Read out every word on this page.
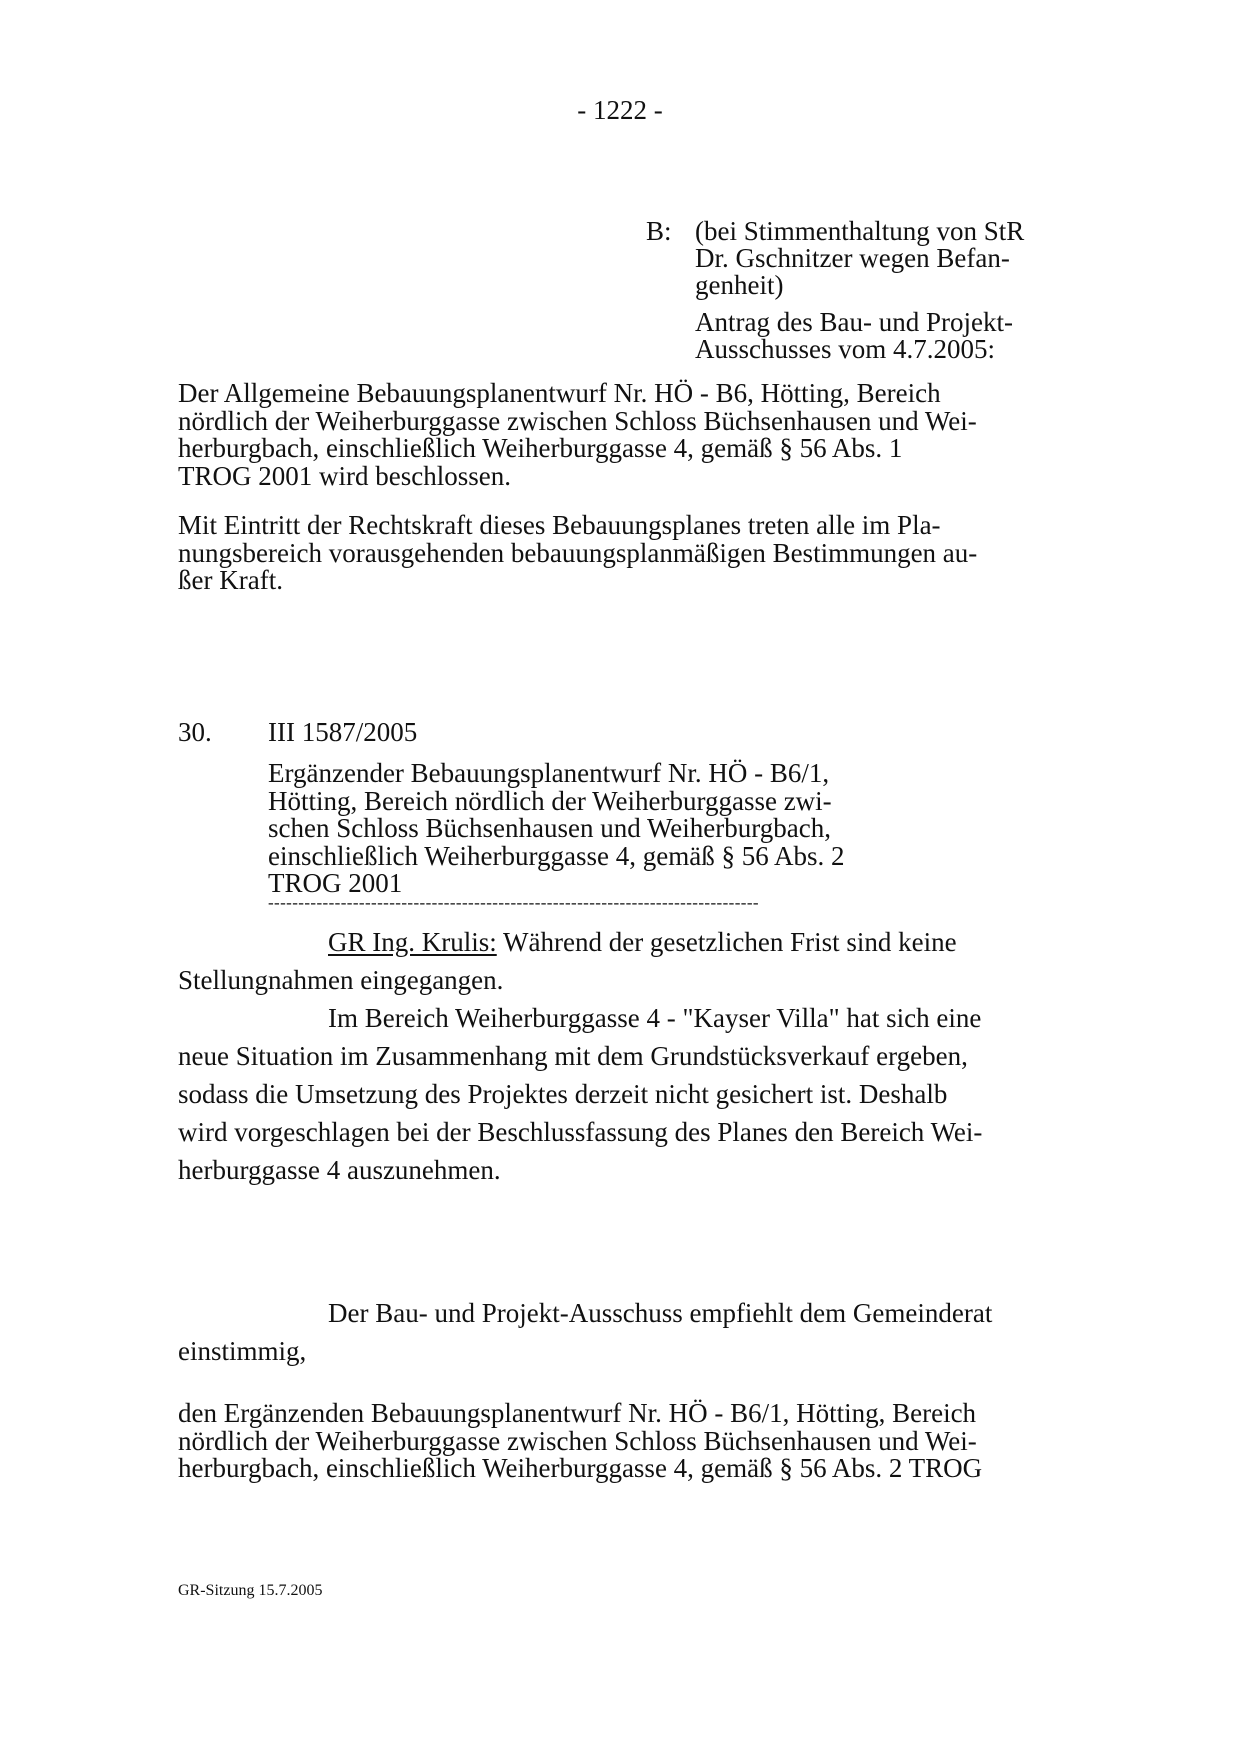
- 1222 -
B: (bei Stimmenthaltung von StR
Dr. Gschnitzer wegen Befan-
genheit)

Antrag des Bau- und Projekt-
Ausschusses vom 4.7.2005:

Der Allgemeine Bebauungsplanentwurf Nr. HÖ - B6, Hötting, Bereich
nördlich der Weiherburggasse zwischen Schloss Büchsenhausen und Wei-
herburgbach, einschließlich Weiherburggasse 4, gemäß § 56 Abs. 1
TROG 2001 wird beschlossen.

Mit Eintritt der Rechtskraft dieses Bebauungsplanes treten alle im Pla-
nungsbereich vorausgehenden bebauungsplanmäßigen Bestimmungen au-
ßer Kraft.

30. III 1587/2005

Ergänzender Bebauungsplanentwurf Nr. HÖ - B6/1,
Hötting, Bereich nördlich der Weiherburggasse zwi-
schen Schloss Büchsenhausen und Weiherburgbach,
einschließlich Weiherburggasse 4, gemäß § 56 Abs. 2
TROG 2001

---------------------------------------------------------------------------------

GR Ing. Krulis: Während der gesetzlichen Frist sind keine

Stellungnahmen eingegangen.

Im Bereich Weiherburggasse 4 - "Kayser Villa" hat sich eine

neue Situation im Zusammenhang mit dem Grundstücksverkauf ergeben,

sodass die Umsetzung des Projektes derzeit nicht gesichert ist. Deshalb

wird vorgeschlagen bei der Beschlussfassung des Planes den Bereich Wei-

herburggasse 4 auszunehmen.

Der Bau- und Projekt-Ausschuss empfiehlt dem Gemeinderat

einstimmig,

den Ergänzenden Bebauungsplanentwurf Nr. HÖ - B6/1, Hötting, Bereich
nördlich der Weiherburggasse zwischen Schloss Büchsenhausen und Wei-
herburgbach, einschließlich Weiherburggasse 4, gemäß § 56 Abs. 2 TROG

GR-Sitzung 15.7.2005
